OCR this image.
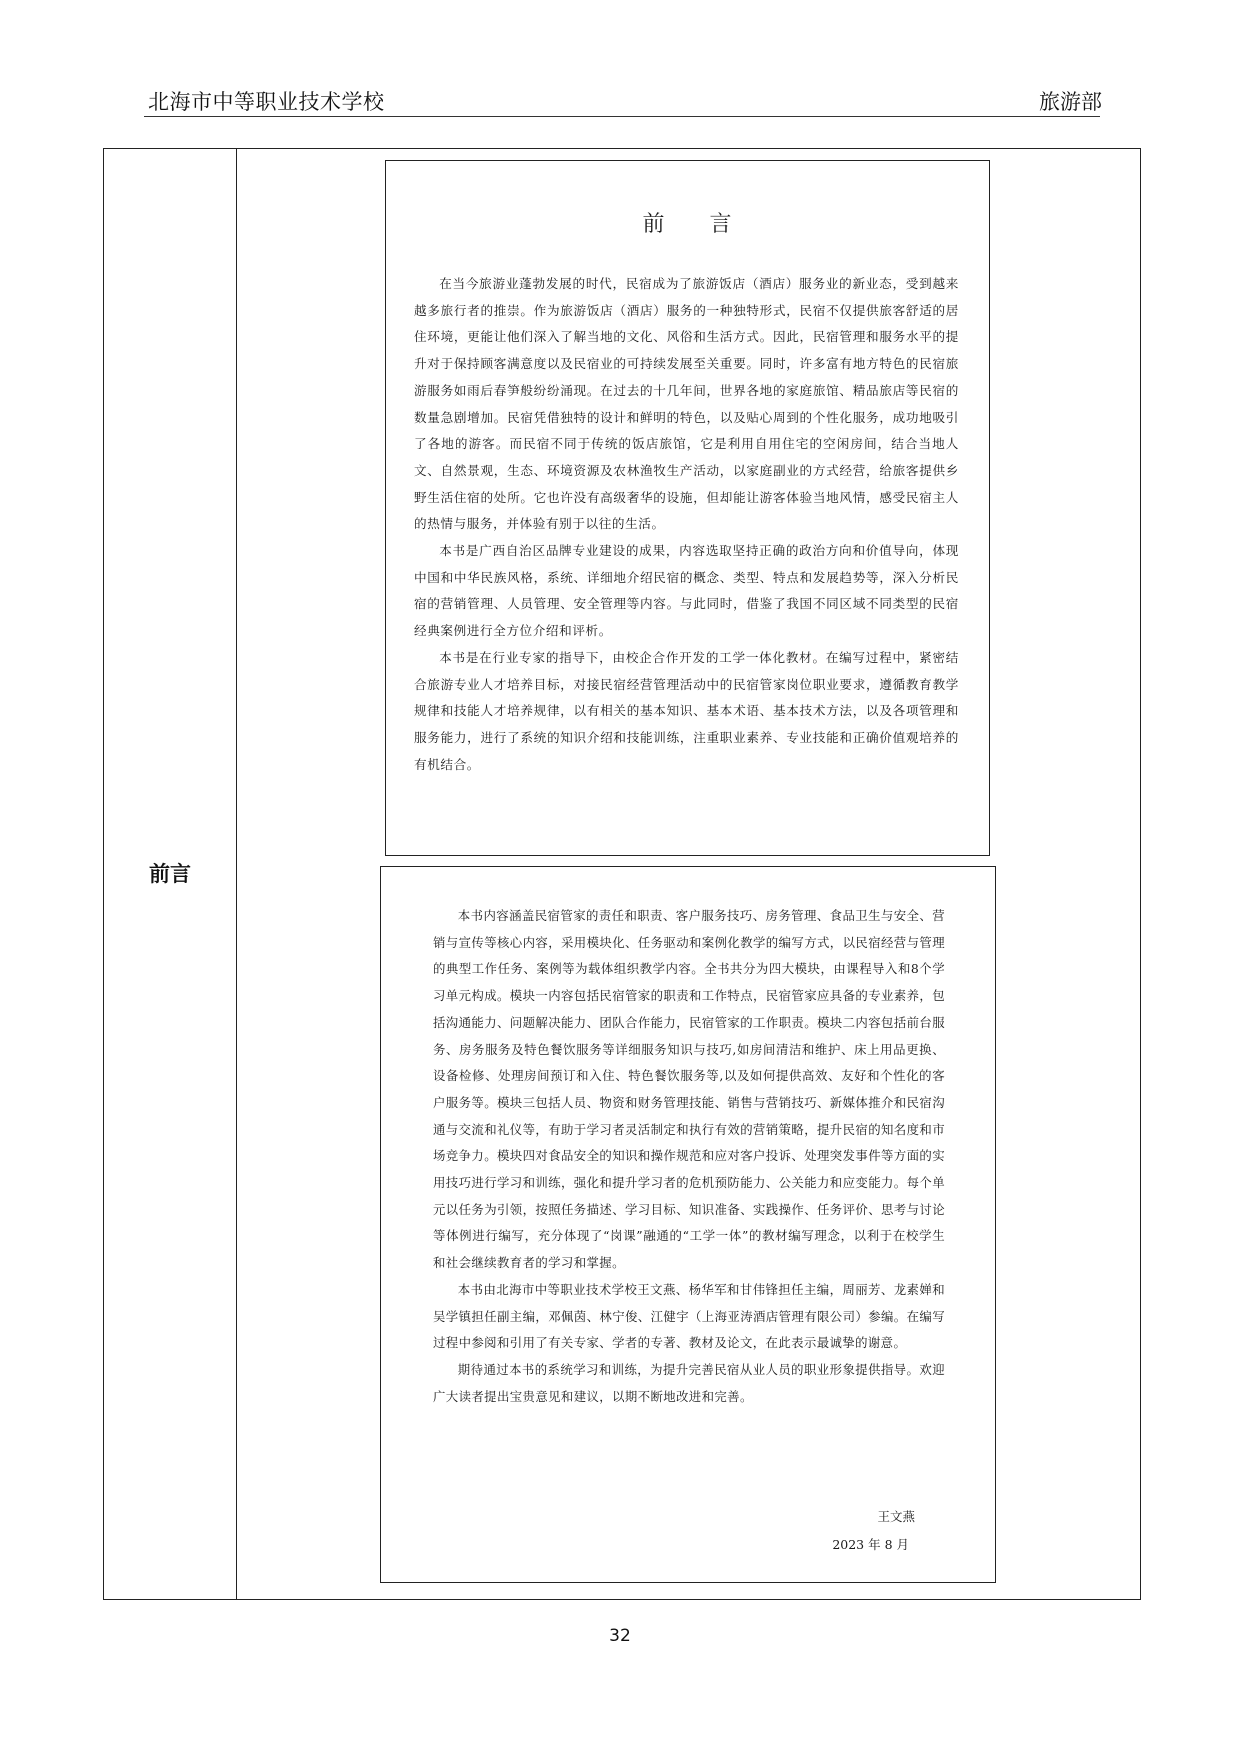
北海市中等职业技术学校	旅游部
前言
前 言

在当今旅游业蓬勃发展的时代，民宿成为了旅游饭店（酒店）服务业的新业态，受到越来越多旅行者的推崇。作为旅游饭店（酒店）服务的一种独特形式，民宿不仅提供旅客舒适的居住环境，更能让他们深入了解当地的文化、风俗和生活方式。因此，民宿管理和服务水平的提升对于保持顾客满意度以及民宿业的可持续发展至关重要。同时，许多富有地方特色的民宿旅游服务如雨后春笋般纷纷涌现。在过去的十几年间，世界各地的家庭旅馆、精品旅店等民宿的数量急剧增加。民宿凭借独特的设计和鲜明的特色，以及贴心周到的个性化服务，成功地吸引了各地的游客。而民宿不同于传统的饭店旅馆，它是利用自用住宅的空闲房间，结合当地人文、自然景观，生态、环境资源及农林渔牧生产活动，以家庭副业的方式经营，给旅客提供乡野生活住宿的处所。它也许没有高级奢华的设施，但却能让游客体验当地风情，感受民宿主人的热情与服务，并体验有别于以往的生活。

本书是广西自治区品牌专业建设的成果，内容选取坚持正确的政治方向和价值导向，体现中国和中华民族风格，系统、详细地介绍民宿的概念、类型、特点和发展趋势等，深入分析民宿的营销管理、人员管理、安全管理等内容。与此同时，借鉴了我国不同区域不同类型的民宿经典案例进行全方位介绍和评析。

本书是在行业专家的指导下，由校企合作开发的工学一体化教材。在编写过程中，紧密结合旅游专业人才培养目标，对接民宿经营管理活动中的民宿管家岗位职业要求，遵循教育教学规律和技能人才培养规律，以有相关的基本知识、基本术语、基本技术方法，以及各项管理和服务能力，进行了系统的知识介绍和技能训练，注重职业素养、专业技能和正确价值观培养的有机结合。

本书内容涵盖民宿管家的责任和职责、客户服务技巧、房务管理、食品卫生与安全、营销与宣传等核心内容，采用模块化、任务驱动和案例化教学的编写方式，以民宿经营与管理的典型工作任务、案例等为载体组织教学内容。全书共分为四大模块，由课程导入和8个学习单元构成。模块一内容包括民宿管家的职责和工作特点，民宿管家应具备的专业素养，包括沟通能力、问题解决能力、团队合作能力，民宿管家的工作职责。模块二内容包括前台服务、房务服务及特色餐饮服务等详细服务知识与技巧,如房间清洁和维护、床上用品更换、设备检修、处理房间预订和入住、特色餐饮服务等,以及如何提供高效、友好和个性化的客户服务等。模块三包括人员、物资和财务管理技能、销售与营销技巧、新媒体推介和民宿沟通与交流和礼仪等，有助于学习者灵活制定和执行有效的营销策略，提升民宿的知名度和市场竞争力。模块四对食品安全的知识和操作规范和应对客户投诉、处理突发事件等方面的实用技巧进行学习和训练，强化和提升学习者的危机预防能力、公关能力和应变能力。每个单元以任务为引领，按照任务描述、学习目标、知识准备、实践操作、任务评价、思考与讨论等体例进行编写，充分体现了“岗课”融通的“工学一体”的教材编写理念，以利于在校学生和社会继续教育者的学习和掌握。

本书由北海市中等职业技术学校王文燕、杨华军和甘伟锋担任主编，周丽芳、龙素婵和吴学镇担任副主编，邓佩茵、林宁俊、江健宇（上海亚涛酒店管理有限公司）参编。在编写过程中参阅和引用了有关专家、学者的专著、教材及论文，在此表示最诚挚的谢意。

期待通过本书的系统学习和训练，为提升完善民宿从业人员的职业形象提供指导。欢迎广大读者提出宝贵意见和建议，以期不断地改进和完善。

王文燕
2023 年 8 月
32
